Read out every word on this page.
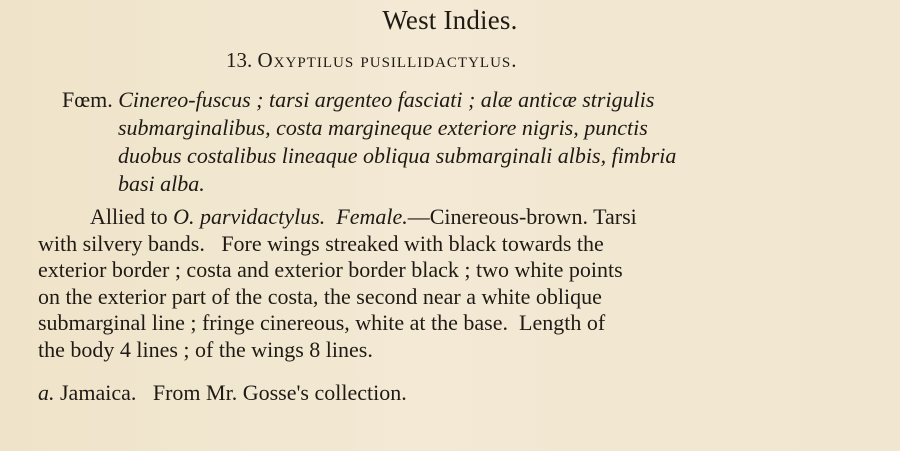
West Indies.
13. Oxyptilus pusillidactylus.
Fœm. Cinereo-fuscus ; tarsi argenteo fasciati ; alæ anticæ strigulis
submarginalibus, costa margineque exteriore nigris, punctis
duobus costalibus lineaque obliqua submarginali albis, fimbria
basi alba.
Allied to O. parvidactylus. Female.—Cinereous-brown. Tarsi
with silvery bands.   Fore wings streaked with black towards the
exterior border ; costa and exterior border black ; two white points
on the exterior part of the costa, the second near a white oblique
submarginal line ; fringe cinereous, white at the base.  Length of
the body 4 lines ; of the wings 8 lines.
a. Jamaica.   From Mr. Gosse's collection.
